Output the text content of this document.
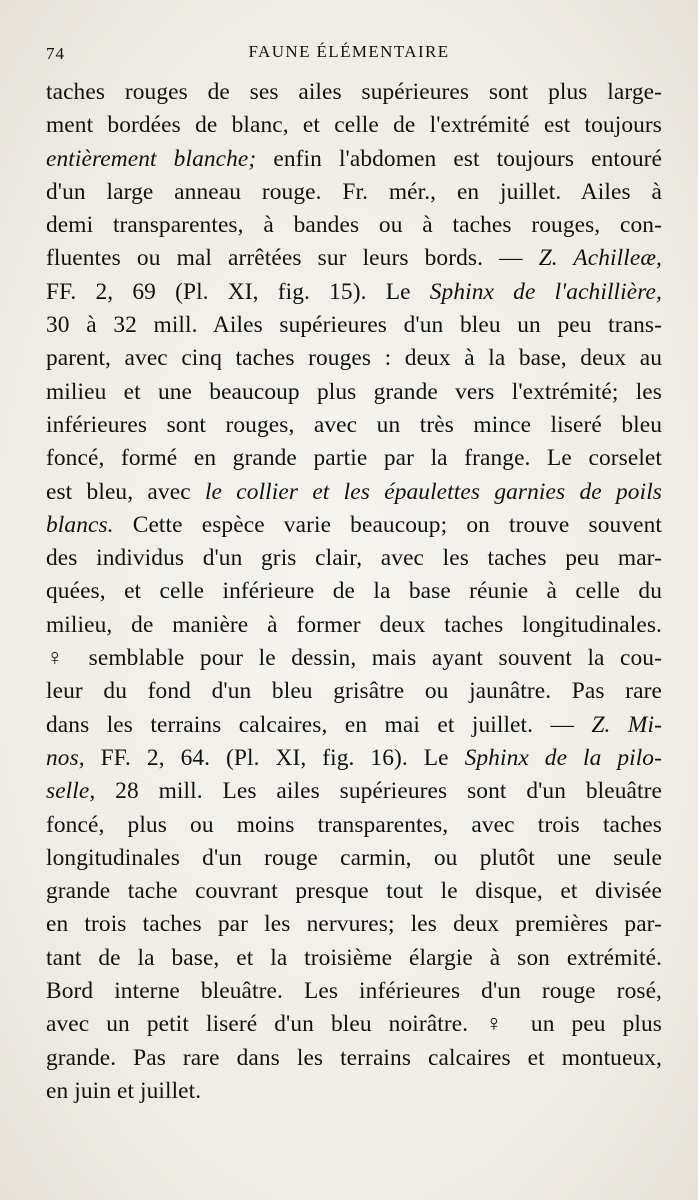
74	FAUNE ÉLÉMENTAIRE
taches rouges de ses ailes supérieures sont plus large-
ment bordées de blanc, et celle de l'extrémité est toujours
entièrement blanche; enfin l'abdomen est toujours entouré
d'un large anneau rouge. Fr. mér., en juillet. Ailes à
demi transparentes, à bandes ou à taches rouges, con-
fluentes ou mal arrêtées sur leurs bords. — Z. Achilleæ,
FF. 2, 69 (Pl. XI, fig. 15). Le Sphinx de l'achillière,
30 à 32 mill. Ailes supérieures d'un bleu un peu trans-
parent, avec cinq taches rouges : deux à la base, deux au
milieu et une beaucoup plus grande vers l'extrémité; les
inférieures sont rouges, avec un très mince liseré bleu
foncé, formé en grande partie par la frange. Le corselet
est bleu, avec le collier et les épaulettes garnies de poils
blancs. Cette espèce varie beaucoup; on trouve souvent
des individus d'un gris clair, avec les taches peu mar-
quées, et celle inférieure de la base réunie à celle du
milieu, de manière à former deux taches longitudinales.
♀ semblable pour le dessin, mais ayant souvent la cou-
leur du fond d'un bleu grisâtre ou jaunâtre. Pas rare
dans les terrains calcaires, en mai et juillet. — Z. Mi-
nos, FF. 2, 64. (Pl. XI, fig. 16). Le Sphinx de la pilo-
selle, 28 mill. Les ailes supérieures sont d'un bleuâtre
foncé, plus ou moins transparentes, avec trois taches
longitudinales d'un rouge carmin, ou plutôt une seule
grande tache couvrant presque tout le disque, et divisée
en trois taches par les nervures; les deux premières par-
tant de la base, et la troisième élargie à son extrémité.
Bord interne bleuâtre. Les inférieures d'un rouge rosé,
avec un petit liseré d'un bleu noirâtre. ♀ un peu plus
grande. Pas rare dans les terrains calcaires et montueux,
en juin et juillet.
